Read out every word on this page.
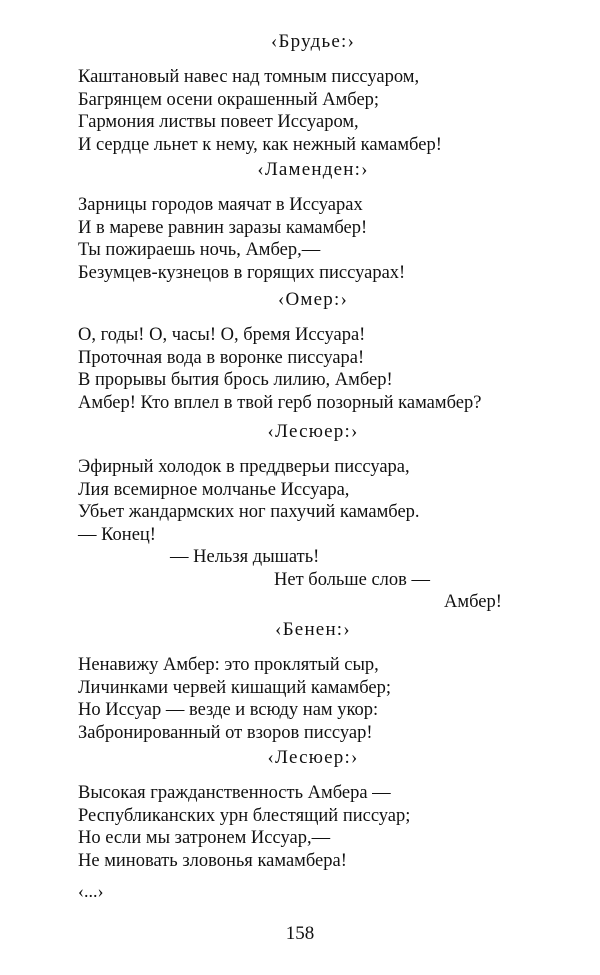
‹Брудье:›
Каштановый навес над томным писсуаром,
Багрянцем осени окрашенный Амбер;
Гармония листвы повеет Иссуаром,
И сердце льнет к нему, как нежный камамбер!
‹Ламенден:›
Зарницы городов маячат в Иссуарах
И в мареве равнин заразы камамбер!
Ты пожираешь ночь, Амбер,—
Безумцев-кузнецов в горящих писсуарах!
‹Омер:›
О, годы! О, часы! О, бремя Иссуара!
Проточная вода в воронке писсуара!
В прорывы бытия брось лилию, Амбер!
Амбер! Кто вплел в твой герб позорный камамбер?
‹Лесюер:›
Эфирный холодок в преддверьи писсуара,
Лия всемирное молчанье Иссуара,
Убьет жандармских ног пахучий камамбер.
— Конец!
— Нельзя дышать!
Нет больше слов —
Амбер!
‹Бенен:›
Ненавижу Амбер: это проклятый сыр,
Личинками червей кишащий камамбер;
Но Иссуар — везде и всюду нам укор:
Забронированный от взоров писсуар!
‹Лесюер:›
Высокая гражданственность Амбера —
Республиканских урн блестящий писсуар;
Но если мы затронем Иссуар,—
Не миновать зловонья камамбера!
‹...›
158
